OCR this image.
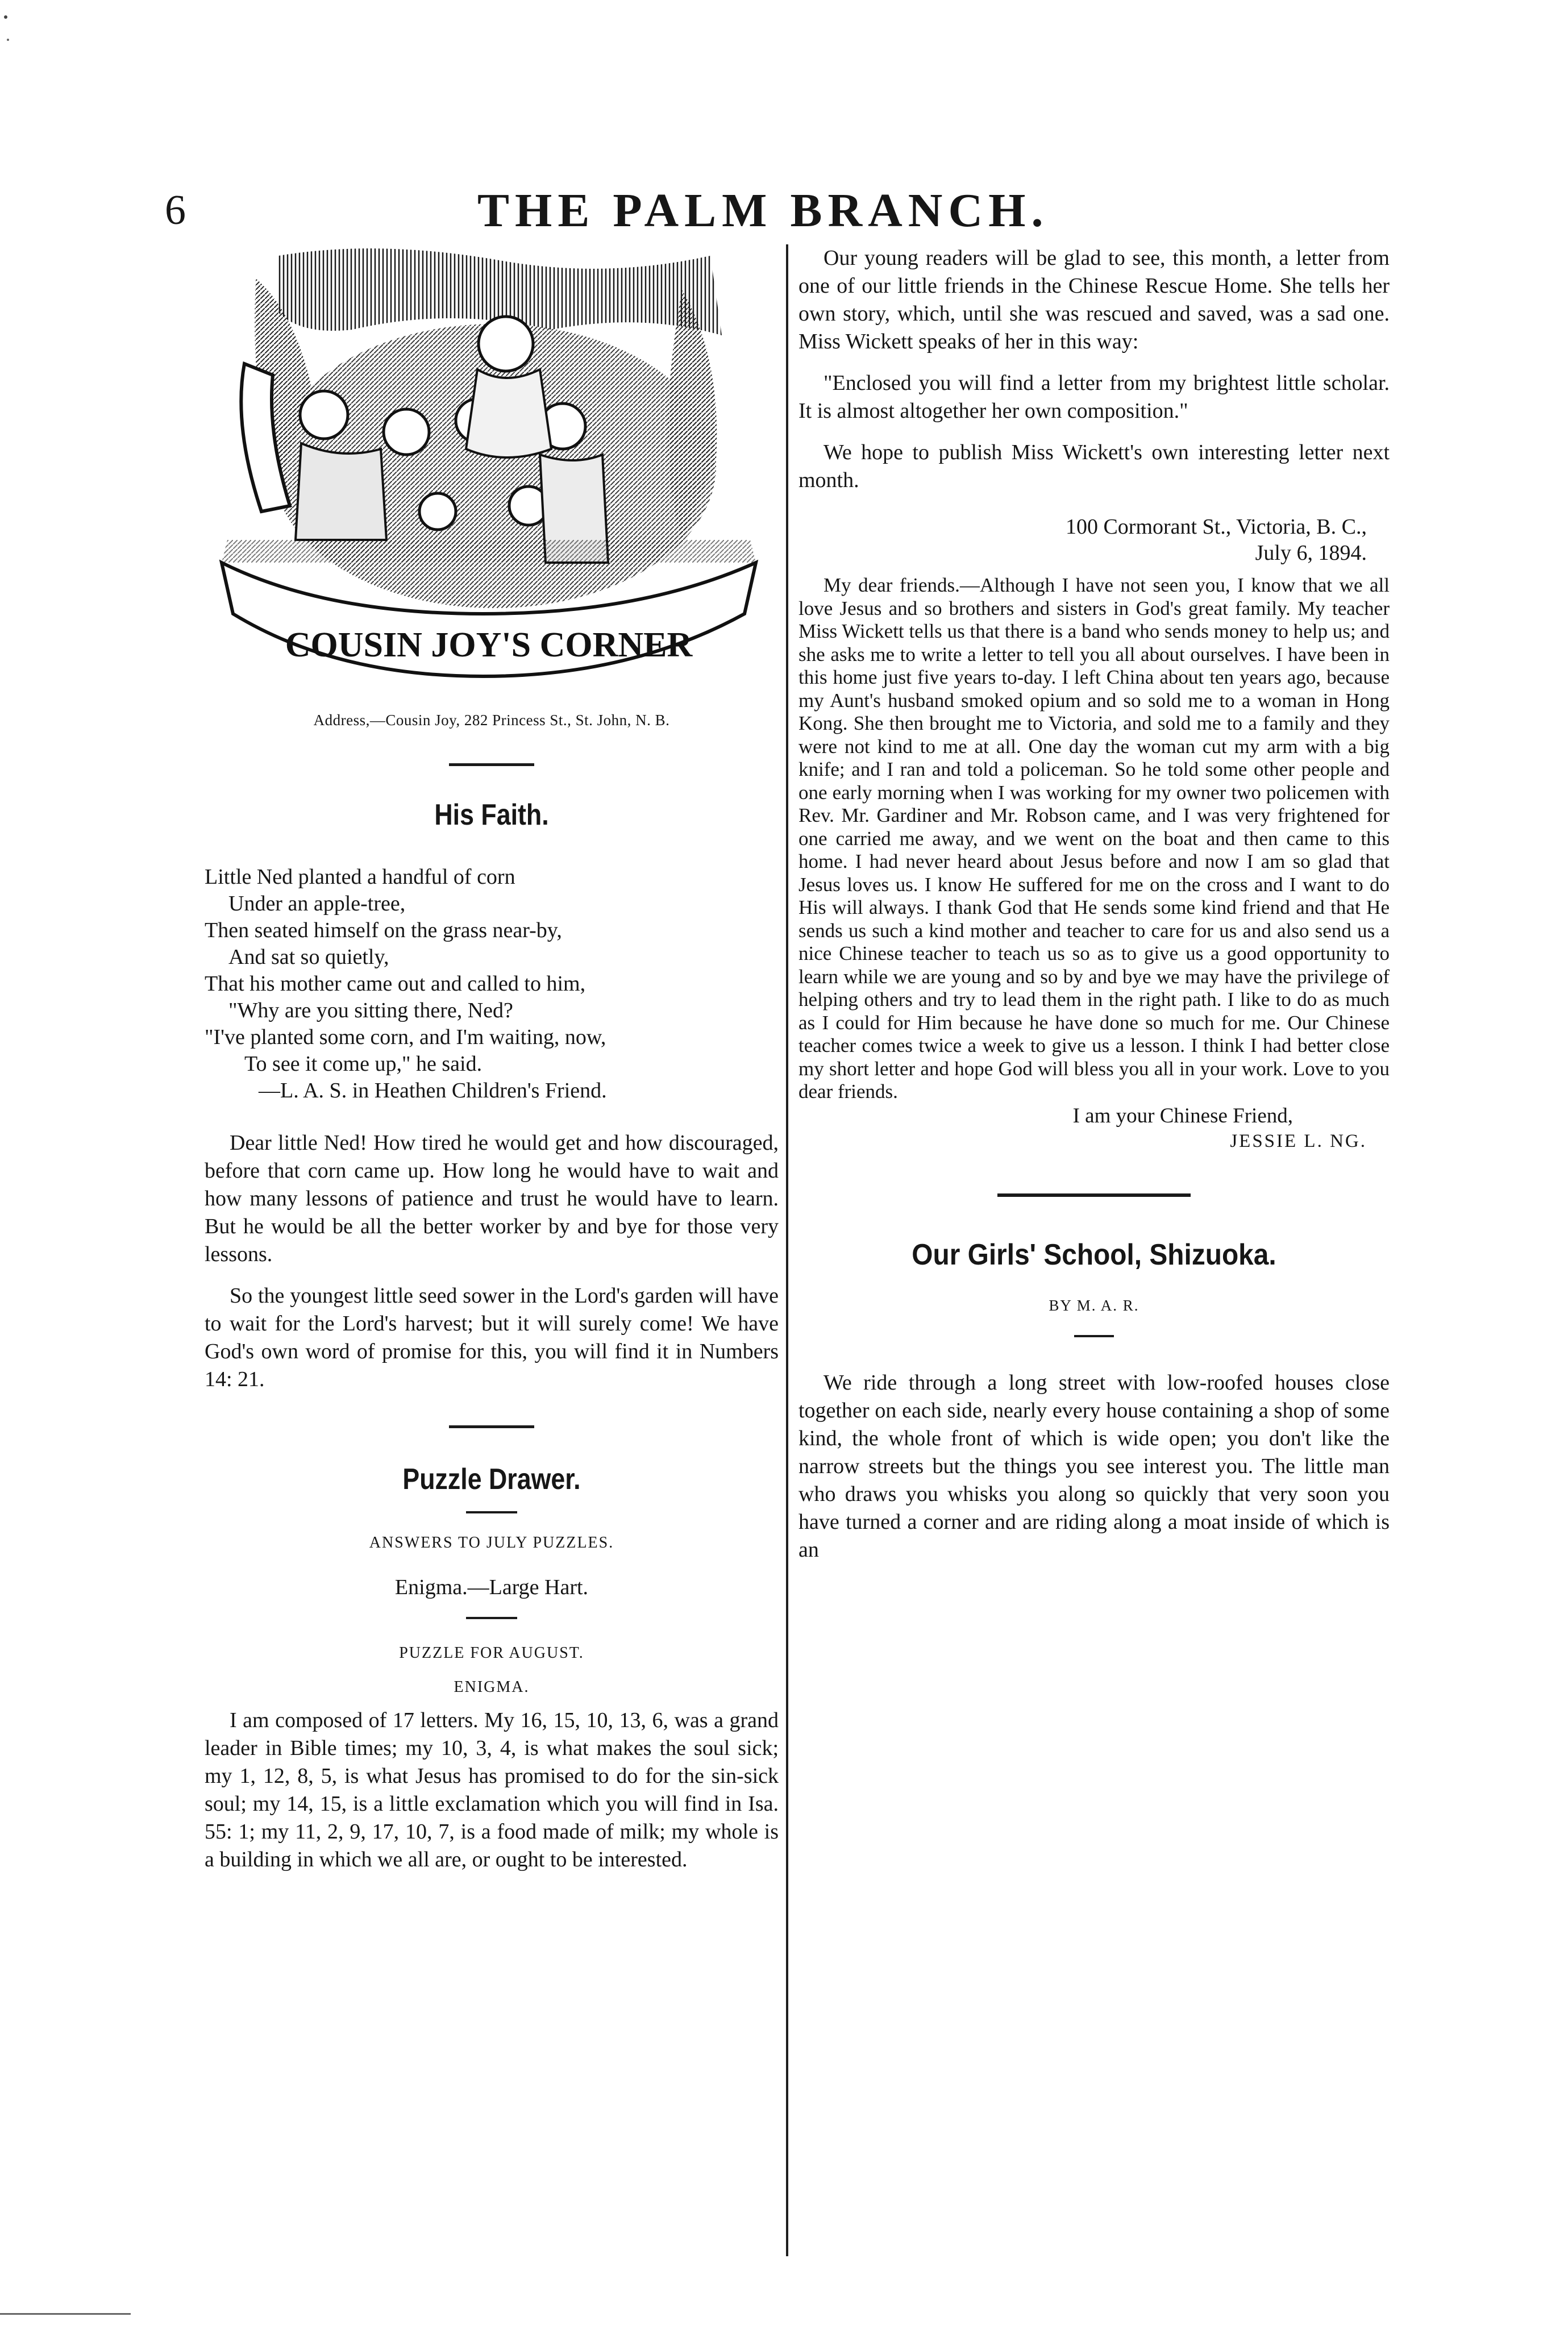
6	THE PALM BRANCH.
COUSIN JOY'S CORNER

Address,—Cousin Joy, 282 Princess St., St. John, N. B.

His Faith.
Little Ned planted a handful of corn
Under an apple-tree,
Then seated himself on the grass near-by,
And sat so quietly,
That his mother came out and called to him,
"Why are you sitting there, Ned?
"I've planted some corn, and I'm waiting, now,
To see it come up," he said.
—L. A. S. in Heathen Children's Friend.

Dear little Ned! How tired he would get and how discouraged, before that corn came up. How long he would have to wait and how many lessons of patience and trust he would have to learn. But he would be all the better worker by and bye for those very lessons.

So the youngest little seed sower in the Lord's garden will have to wait for the Lord's harvest; but it will surely come! We have God's own word of promise for this, you will find it in Numbers 14: 21.

Puzzle Drawer.

ANSWERS TO JULY PUZZLES.

Enigma.—Large Hart.

PUZZLE FOR AUGUST.

ENIGMA.

I am composed of 17 letters. My 16, 15, 10, 13, 6, was a grand leader in Bible times; my 10, 3, 4, is what makes the soul sick; my 1, 12, 8, 5, is what Jesus has promised to do for the sin-sick soul; my 14, 15, is a little exclamation which you will find in Isa. 55: 1; my 11, 2, 9, 17, 10, 7, is a food made of milk; my whole is a building in which we all are, or ought to be interested.

Our young readers will be glad to see, this month, a letter from one of our little friends in the Chinese Rescue Home. She tells her own story, which, until she was rescued and saved, was a sad one. Miss Wickett speaks of her in this way:

"Enclosed you will find a letter from my brightest little scholar. It is almost altogether her own composition."

We hope to publish Miss Wickett's own interesting letter next month.

100 Cormorant St., Victoria, B. C.,

July 6, 1894.

My dear friends.—Although I have not seen you, I know that we all love Jesus and so brothers and sisters in God's great family. My teacher Miss Wickett tells us that there is a band who sends money to help us; and she asks me to write a letter to tell you all about ourselves. I have been in this home just five years to-day. I left China about ten years ago, because my Aunt's husband smoked opium and so sold me to a woman in Hong Kong. She then brought me to Victoria, and sold me to a family and they were not kind to me at all. One day the woman cut my arm with a big knife; and I ran and told a policeman. So he told some other people and one early morning when I was working for my owner two policemen with Rev. Mr. Gardiner and Mr. Robson came, and I was very frightened for one carried me away, and we went on the boat and then came to this home. I had never heard about Jesus before and now I am so glad that Jesus loves us. I know He suffered for me on the cross and I want to do His will always. I thank God that He sends some kind friend and that He sends us such a kind mother and teacher to care for us and also send us a nice Chinese teacher to teach us so as to give us a good opportunity to learn while we are young and so by and bye we may have the privilege of helping others and try to lead them in the right path. I like to do as much as I could for Him because he have done so much for me. Our Chinese teacher comes twice a week to give us a lesson. I think I had better close my short letter and hope God will bless you all in your work. Love to you dear friends.

I am your Chinese Friend,

JESSIE L. NG.

Our Girls' School, Shizuoka.

BY M. A. R.

We ride through a long street with low-roofed houses close together on each side, nearly every house containing a shop of some kind, the whole front of which is wide open; you don't like the narrow streets but the things you see interest you. The little man who draws you whisks you along so quickly that very soon you have turned a corner and are riding along a moat inside of which is an
